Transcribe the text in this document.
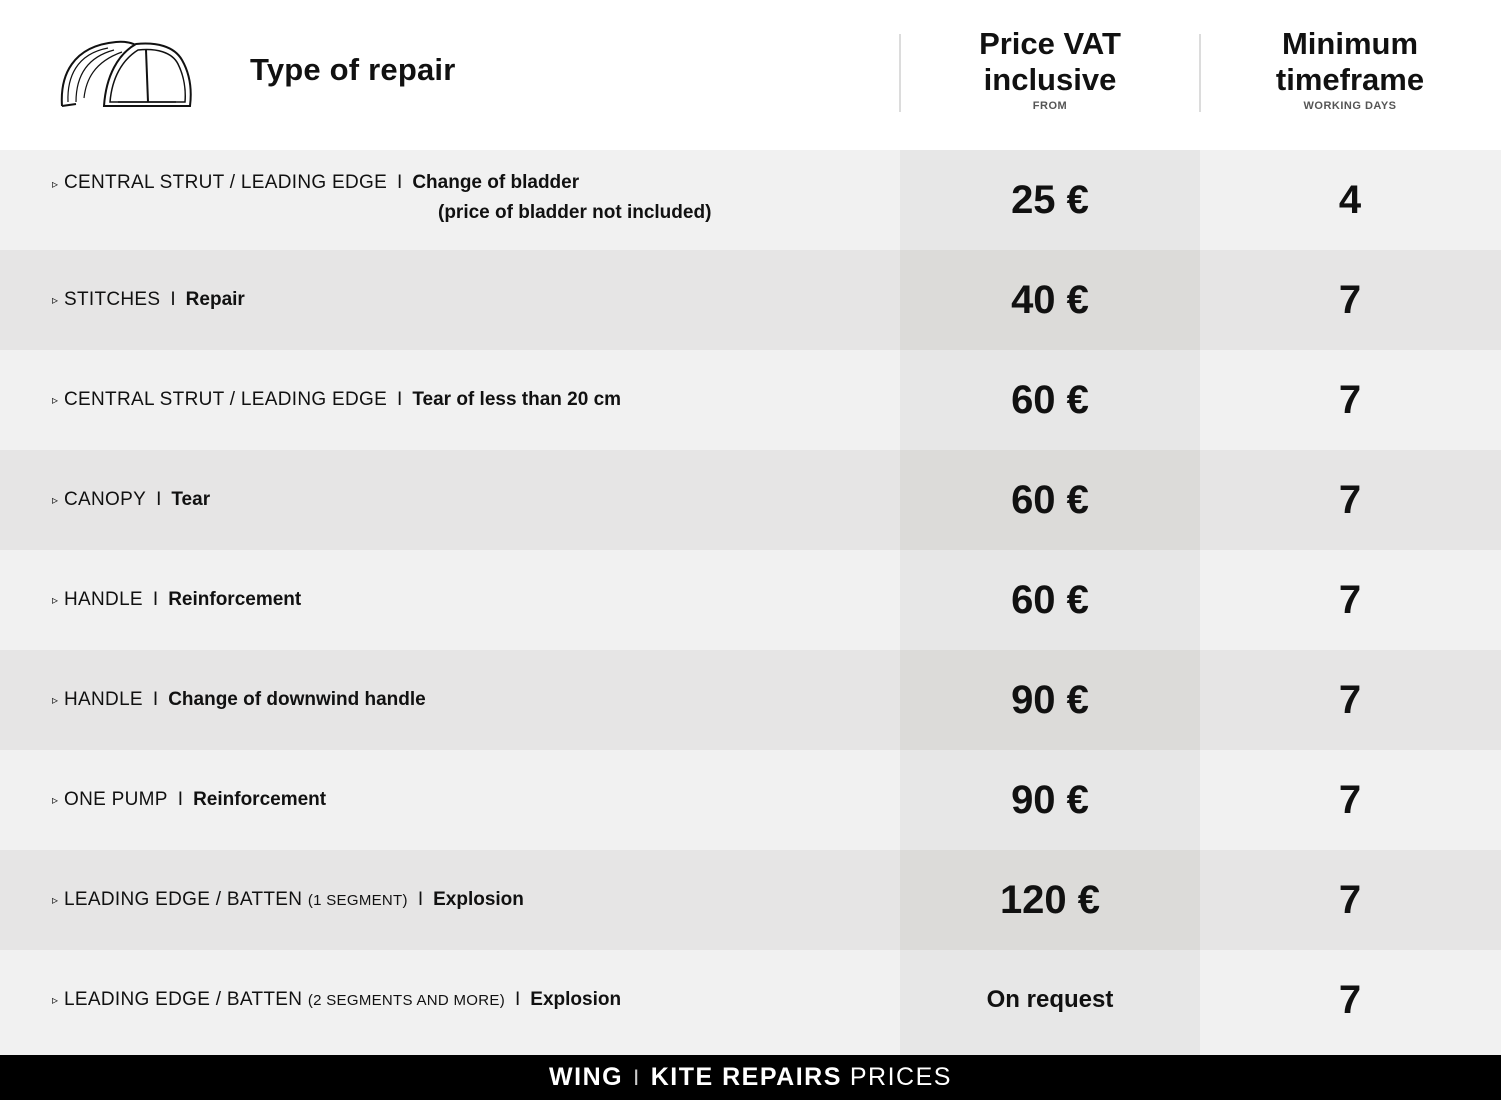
Type of repair
Price VAT inclusive
FROM
Minimum timeframe
WORKING DAYS
▹ CENTRAL STRUT / LEADING EDGE I Change of bladder
(price of bladder not included)	25 €	4
▹ STITCHES I Repair	40 €	7
▹ CENTRAL STRUT / LEADING EDGE I Tear of less than 20 cm	60 €	7
▹ CANOPY I Tear	60 €	7
▹ HANDLE I Reinforcement	60 €	7
▹ HANDLE I Change of downwind handle	90 €	7
▹ ONE PUMP I Reinforcement	90 €	7
▹ LEADING EDGE / BATTEN (1 SEGMENT) I Explosion	120 €	7
▹ LEADING EDGE / BATTEN (2 SEGMENTS AND MORE) I Explosion	On request	7
WING I KITE REPAIRS PRICES
